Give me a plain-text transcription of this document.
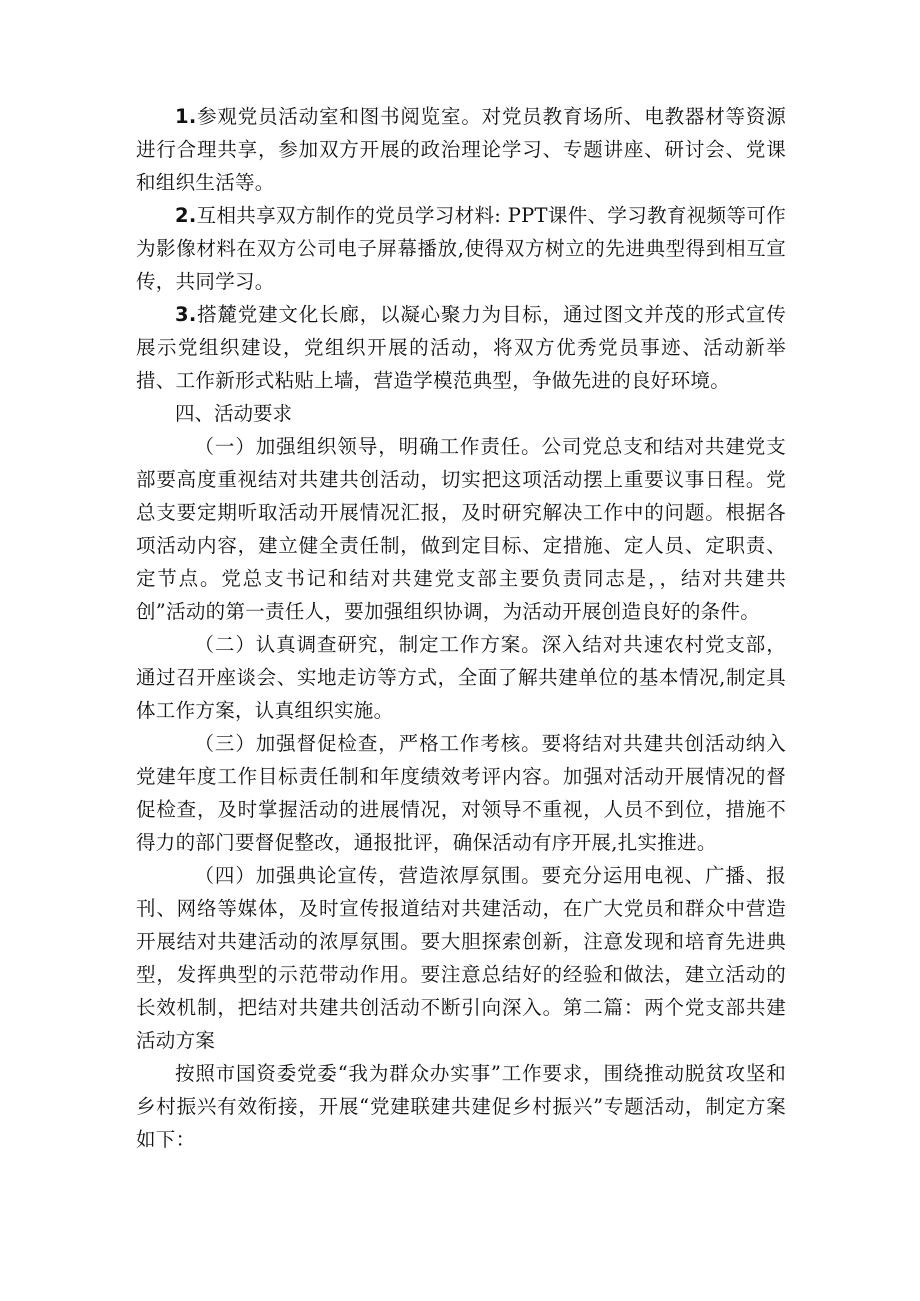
1.参观党员活动室和图书阅览室。对党员教育场所、电教器材等资源进行合理共享，参加双方开展的政治理论学习、专题讲座、研讨会、党课和组织生活等。

2.互相共享双方制作的党员学习材料: PPT课件、学习教育视频等可作为影像材料在双方公司电子屏幕播放,使得双方树立的先进典型得到相互宣传，共同学习。

3.搭麓党建文化长廊，以凝心聚力为目标，通过图文并茂的形式宣传展示党组织建设，党组织开展的活动，将双方优秀党员事迹、活动新举措、工作新形式粘贴上墙，营造学模范典型，争做先进的良好环境。

四、活动要求

（一）加强组织领导，明确工作责任。公司党总支和结对共建党支部要高度重视结对共建共创活动，切实把这项活动摆上重要议事日程。党总支要定期听取活动开展情况汇报，及时研究解决工作中的问题。根据各项活动内容，建立健全责任制，做到定目标、定措施、定人员、定职责、定节点。党总支书记和结对共建党支部主要负责同志是，，结对共建共创”活动的第一责任人，要加强组织协调，为活动开展创造良好的条件。

（二）认真调查研究，制定工作方案。深入结对共速农村党支部，通过召开座谈会、实地走访等方式，全面了解共建单位的基本情况,制定具体工作方案，认真组织实施。

（三）加强督促检查，严格工作考核。要将结对共建共创活动纳入党建年度工作目标责任制和年度绩效考评内容。加强对活动开展情况的督促检查，及时掌握活动的进展情况，对领导不重视，人员不到位，措施不得力的部门要督促整改，通报批评，确保活动有序开展,扎实推进。

（四）加强典论宣传，营造浓厚氛围。要充分运用电视、广播、报刊、网络等媒体，及时宣传报道结对共建活动，在广大党员和群众中营造开展结对共建活动的浓厚氛围。要大胆探索创新，注意发现和培育先进典型，发挥典型的示范带动作用。要注意总结好的经验和做法，建立活动的长效机制，把结对共建共创活动不断引向深入。第二篇：两个党支部共建活动方案

按照市国资委党委“我为群众办实事”工作要求，围绕推动脱贫攻坚和乡村振兴有效衔接，开展“党建联建共建促乡村振兴”专题活动，制定方案如下：
